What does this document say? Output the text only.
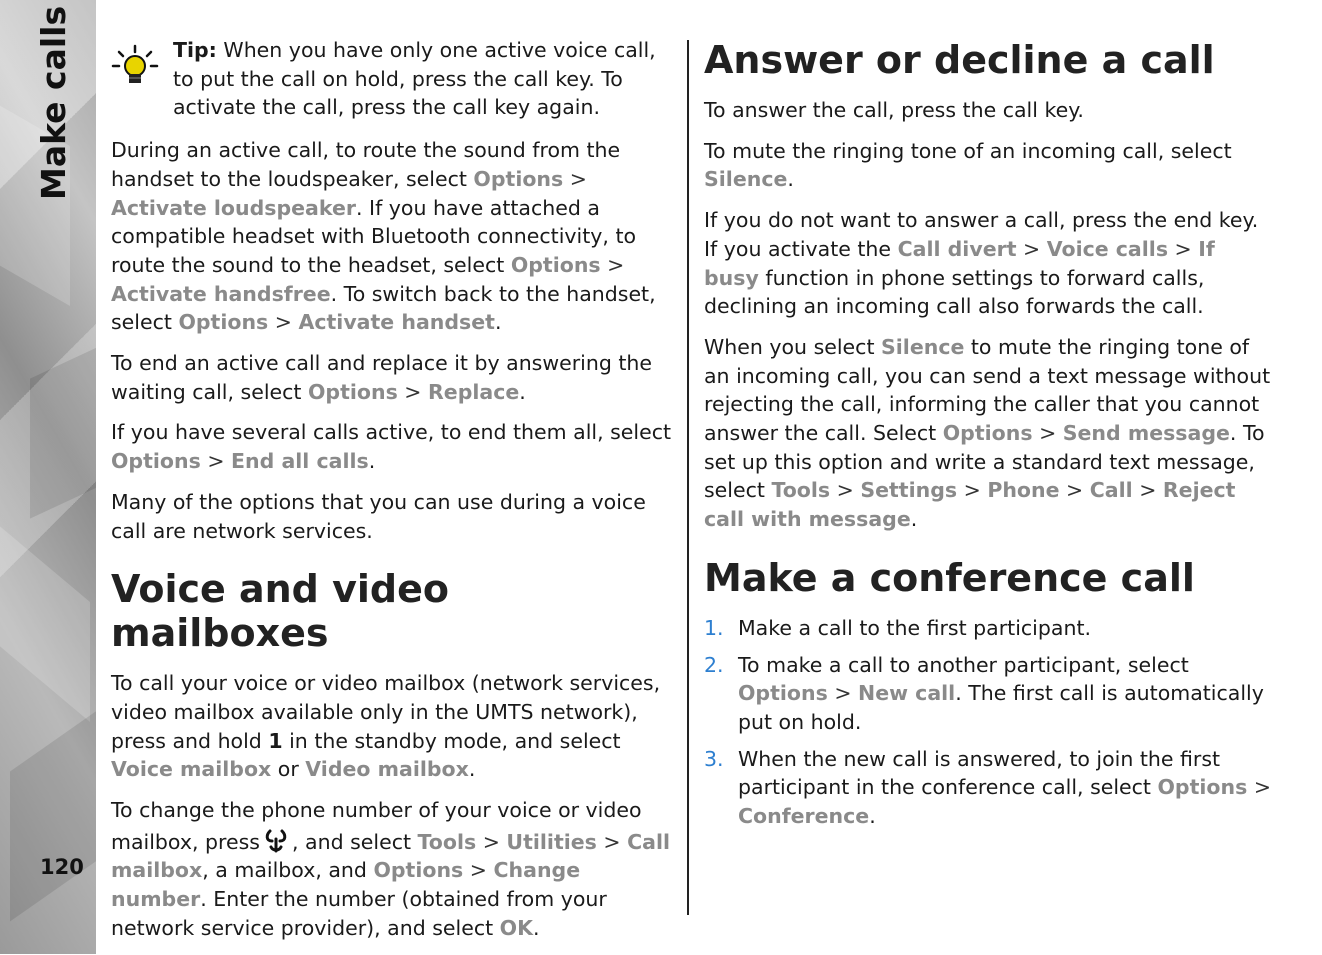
Make calls
120
Tip: When you have only one active voice call, to put the call on hold, press the call key. To activate the call, press the call key again.

During an active call, to route the sound from the handset to the loudspeaker, select Options > Activate loudspeaker. If you have attached a compatible headset with Bluetooth connectivity, to route the sound to the headset, select Options > Activate handsfree. To switch back to the handset, select Options > Activate handset.

To end an active call and replace it by answering the waiting call, select Options > Replace.

If you have several calls active, to end them all, select Options > End all calls.

Many of the options that you can use during a voice call are network services.

Voice and video mailboxes

To call your voice or video mailbox (network services, video mailbox available only in the UMTS network), press and hold 1 in the standby mode, and select Voice mailbox or Video mailbox.

To change the phone number of your voice or video mailbox, press , and select Tools > Utilities > Call mailbox, a mailbox, and Options > Change number. Enter the number (obtained from your network service provider), and select OK.

Answer or decline a call

To answer the call, press the call key.

To mute the ringing tone of an incoming call, select Silence.

If you do not want to answer a call, press the end key. If you activate the Call divert > Voice calls > If busy function in phone settings to forward calls, declining an incoming call also forwards the call.

When you select Silence to mute the ringing tone of an incoming call, you can send a text message without rejecting the call, informing the caller that you cannot answer the call. Select Options > Send message. To set up this option and write a standard text message, select Tools > Settings > Phone > Call > Reject call with message.

Make a conference call
1. Make a call to the first participant.
2. To make a call to another participant, select Options > New call. The first call is automatically put on hold.
3. When the new call is answered, to join the first participant in the conference call, select Options > Conference.
